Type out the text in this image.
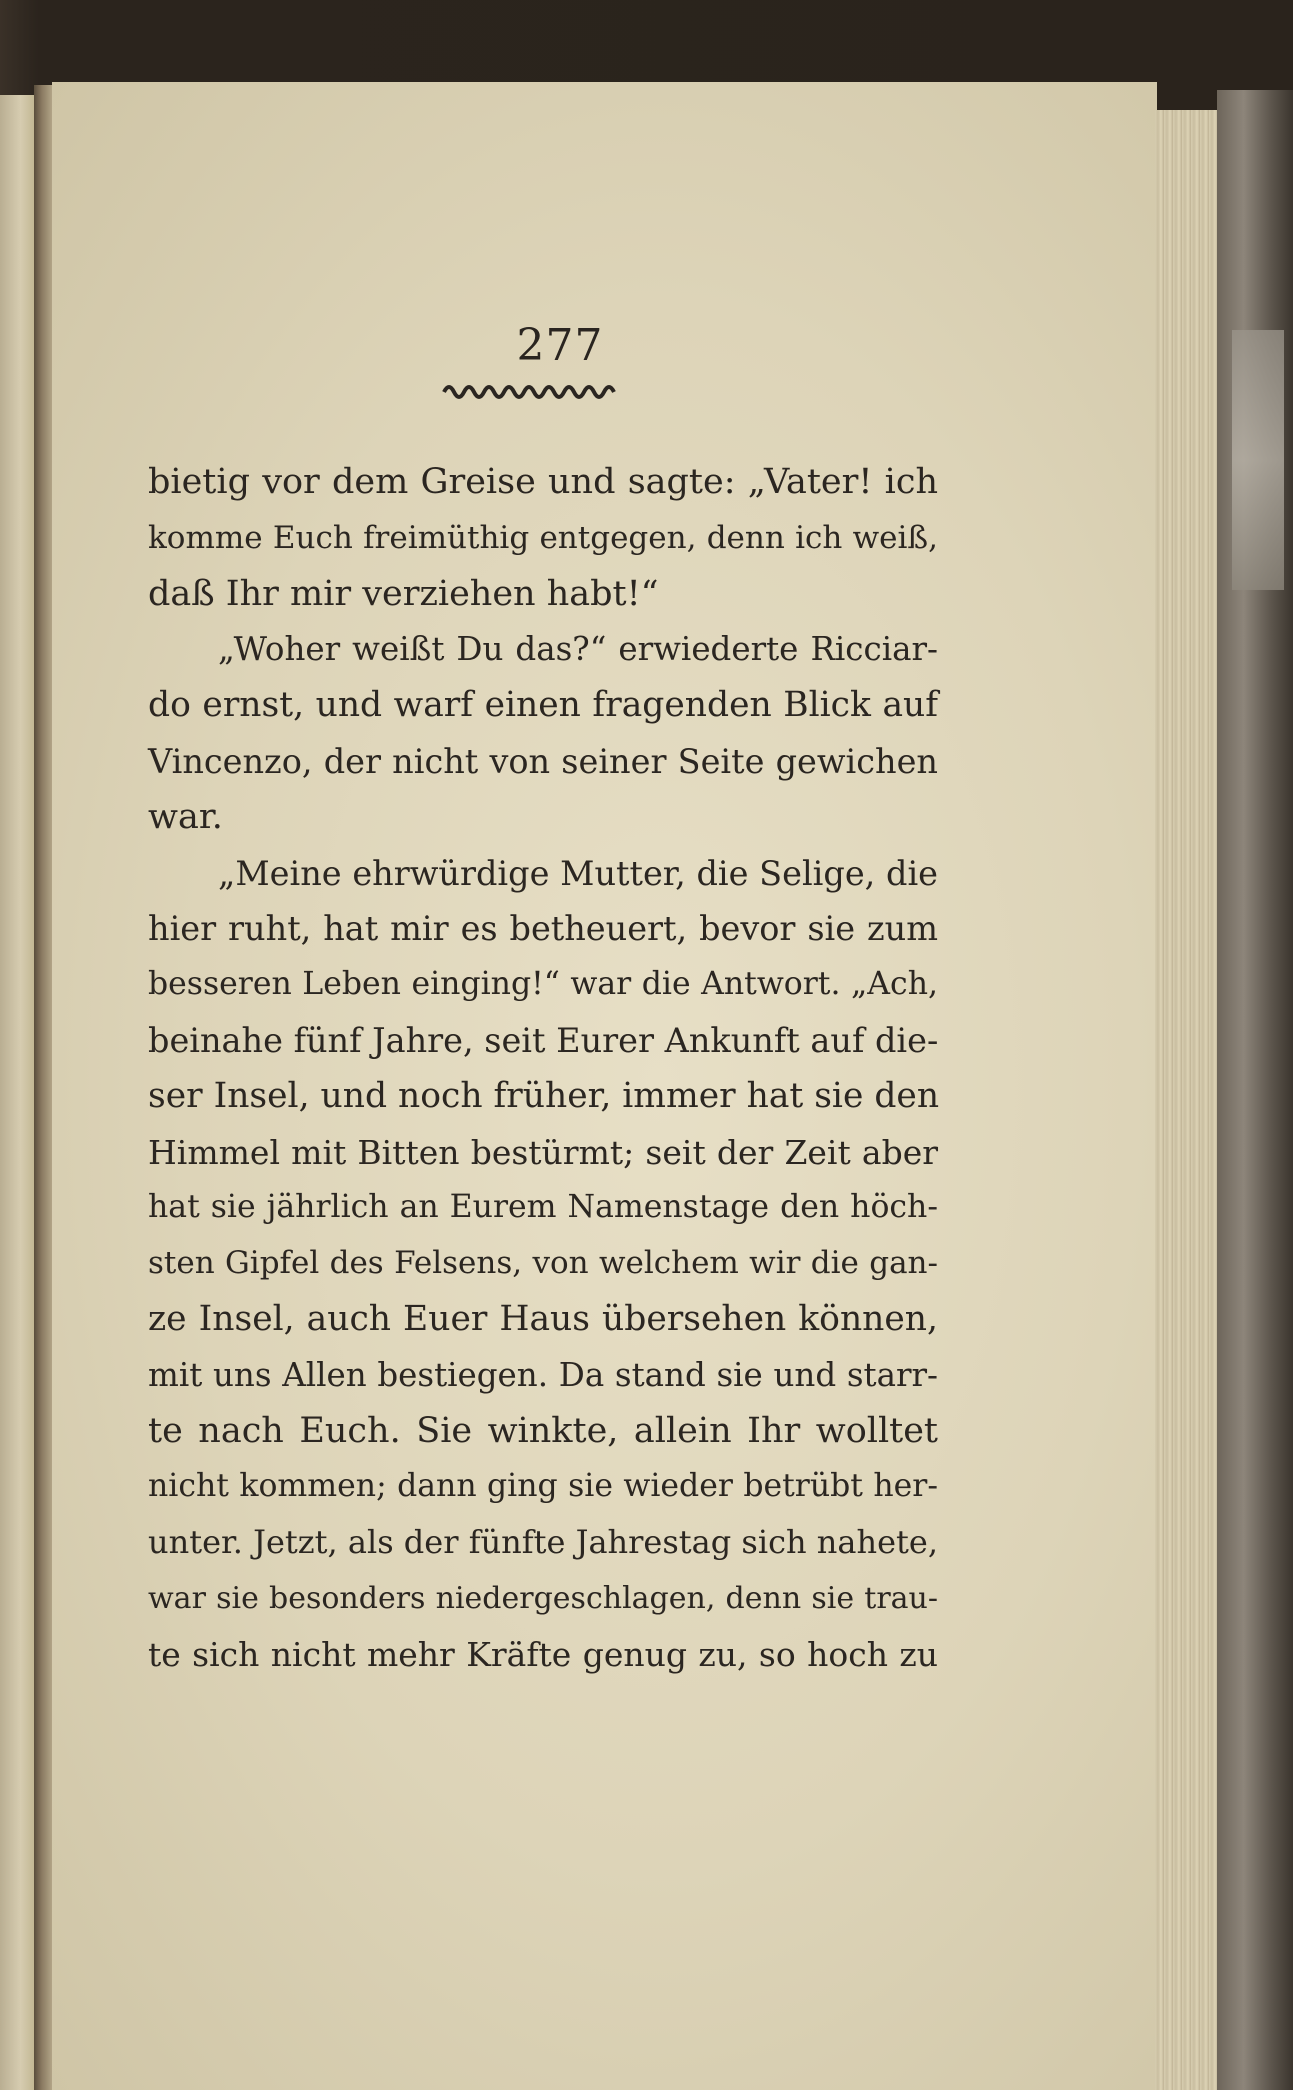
277
bietig vor dem Greise und sagte: „Vater! ich
komme Euch freimüthig entgegen, denn ich weiß,
daß Ihr mir verziehen habt!“
„Woher weißt Du das?“ erwiederte Ricciar-
do ernst, und warf einen fragenden Blick auf
Vincenzo, der nicht von seiner Seite gewichen
war.
„Meine ehrwürdige Mutter, die Selige, die
hier ruht, hat mir es betheuert, bevor sie zum
besseren Leben einging!“ war die Antwort. „Ach,
beinahe fünf Jahre, seit Eurer Ankunft auf die-
ser Insel, und noch früher, immer hat sie den
Himmel mit Bitten bestürmt; seit der Zeit aber
hat sie jährlich an Eurem Namenstage den höch-
sten Gipfel des Felsens, von welchem wir die gan-
ze Insel, auch Euer Haus übersehen können,
mit uns Allen bestiegen. Da stand sie und starr-
te nach Euch. Sie winkte, allein Ihr wolltet
nicht kommen; dann ging sie wieder betrübt her-
unter. Jetzt, als der fünfte Jahrestag sich nahete,
war sie besonders niedergeschlagen, denn sie trau-
te sich nicht mehr Kräfte genug zu, so hoch zu
